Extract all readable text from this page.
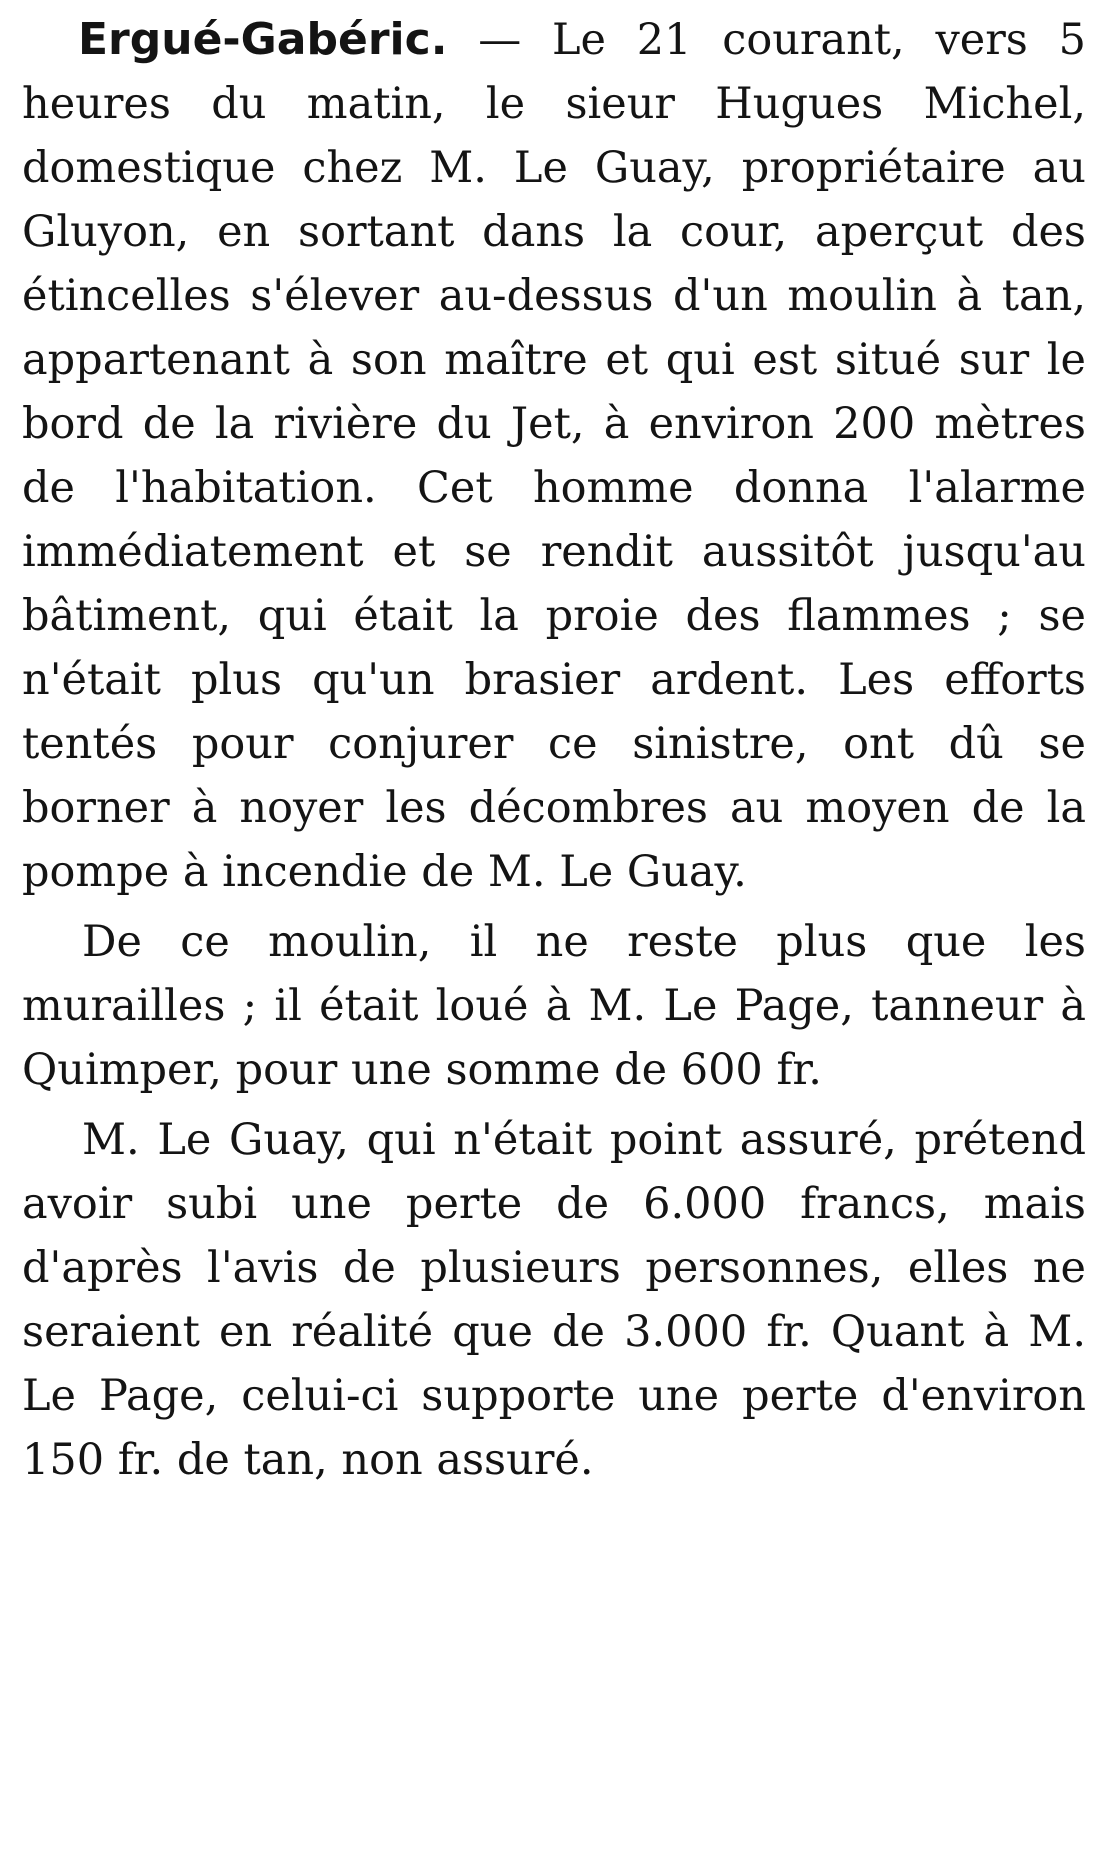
Ergué-Gabéric. — Le 21 courant, vers 5 heures du matin, le sieur Hugues Michel, domestique chez M. Le Guay, propriétaire au Gluyon, en sortant dans la cour, aperçut des étincelles s'élever au-dessus d'un moulin à tan, appartenant à son maître et qui est situé sur le bord de la rivière du Jet, à environ 200 mètres de l'habitation. Cet homme donna l'alarme immédiatement et se rendit aussitôt jusqu'au bâtiment, qui était la proie des flammes ; se n'était plus qu'un brasier ardent. Les efforts tentés pour conjurer ce sinistre, ont dû se borner à noyer les décombres au moyen de la pompe à incendie de M. Le Guay.

De ce moulin, il ne reste plus que les murailles ; il était loué à M. Le Page, tanneur à Quimper, pour une somme de 600 fr.

M. Le Guay, qui n'était point assuré, prétend avoir subi une perte de 6.000 francs, mais d'après l'avis de plusieurs personnes, elles ne seraient en réalité que de 3.000 fr. Quant à M. Le Page, celui-ci supporte une perte d'environ 150 fr. de tan, non assuré.
